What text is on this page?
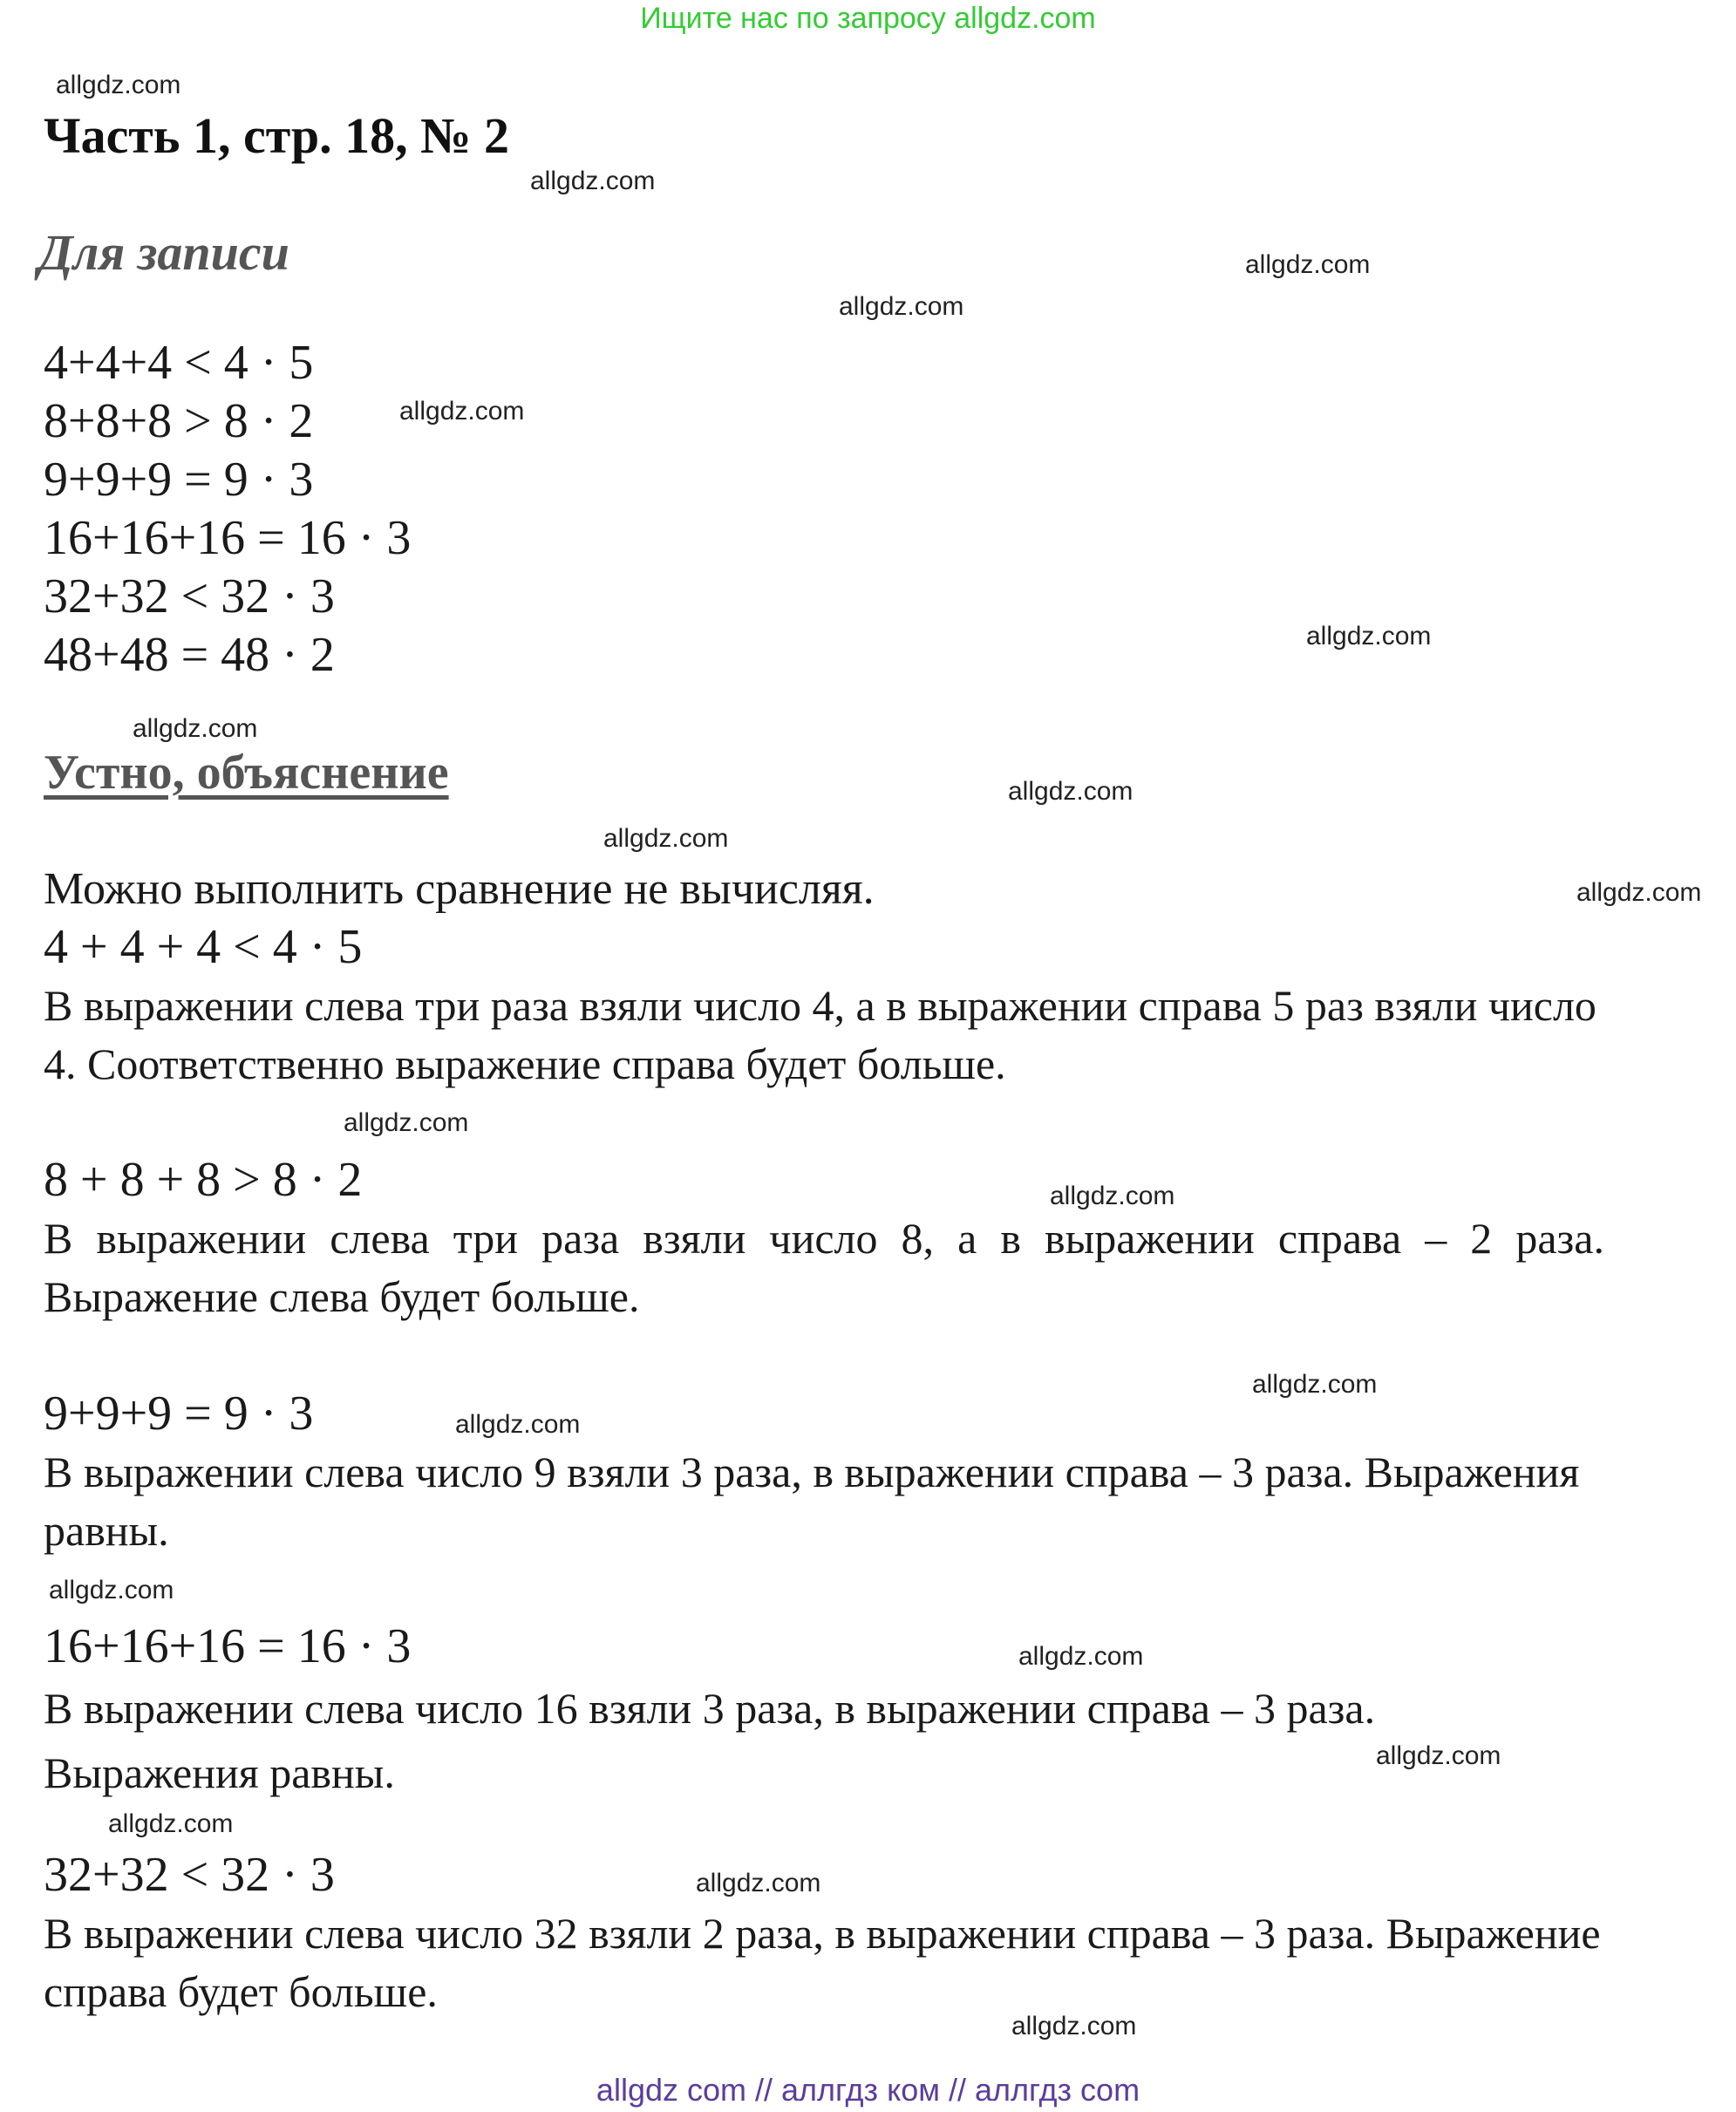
Ищите нас по запросу allgdz.com
Часть 1, стр. 18, № 2
Для записи
4+4+4 < 4 · 5
8+8+8 > 8 · 2
9+9+9 = 9 · 3
16+16+16 = 16 · 3
32+32 < 32 · 3
48+48 = 48 · 2
Устно, объяснение
Можно выполнить сравнение не вычисляя.
4 + 4 + 4 < 4 · 5

В выражении слева три раза взяли число 4, а в выражении справа 5 раз взяли число 4. Соответственно выражение справа будет больше.

8 + 8 + 8 > 8 · 2

В выражении слева три раза взяли число 8, а в выражении справа – 2 раза. Выражение слева будет больше.

9+9+9 = 9 · 3

В выражении слева число 9 взяли 3 раза, в выражении справа – 3 раза. Выражения равны.

16+16+16 = 16 · 3

В выражении слева число 16 взяли 3 раза, в выражении справа – 3 раза. Выражения равны.

32+32 < 32 · 3

В выражении слева число 32 взяли 2 раза, в выражении справа – 3 раза. Выражение справа будет больше.

allgdz.com
allgdz.com
allgdz.com
allgdz.com
allgdz.com
allgdz.com
allgdz.com
allgdz.com
allgdz.com
allgdz.com
allgdz.com
allgdz.com
allgdz.com
allgdz.com
allgdz.com
allgdz.com
allgdz.com
allgdz.com
allgdz.com
allgdz.com
allgdz com // аллгдз ком // аллгдз com
